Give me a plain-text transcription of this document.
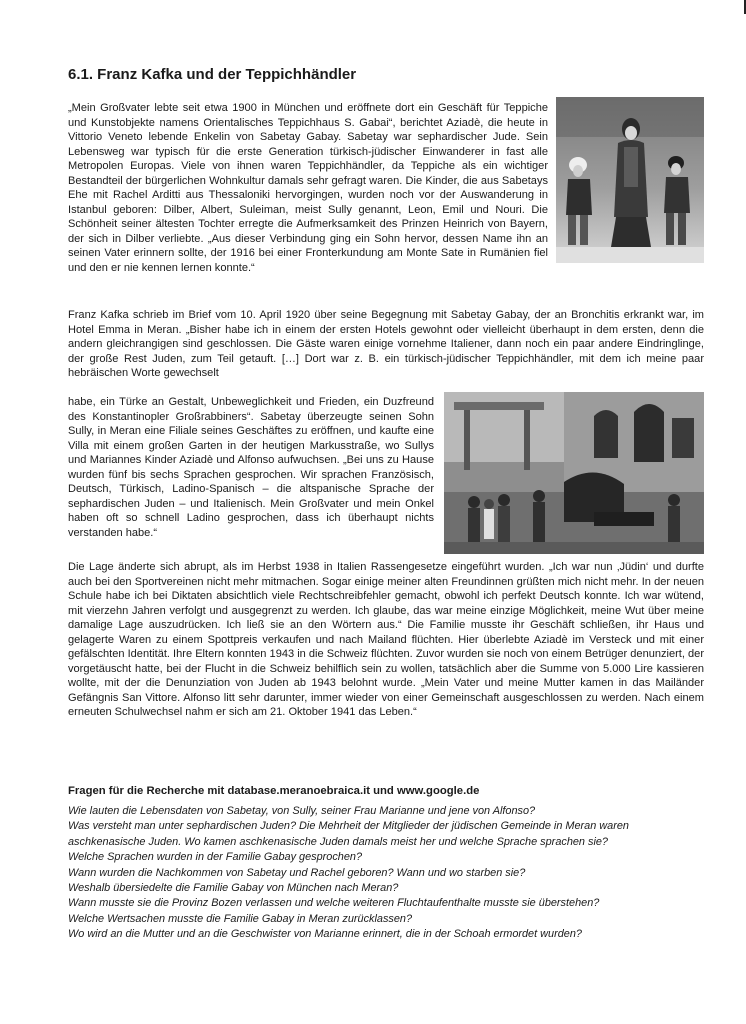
6.1. Franz Kafka und der Teppichhändler

„Mein Großvater lebte seit etwa 1900 in München und eröffnete dort ein Geschäft für Teppiche und Kunstobjekte namens Orientalisches Teppichhaus S. Gabai“, berichtet Aziadè, die heute in Vittorio Veneto lebende Enkelin von Sabetay Gabay. Sabetay war sephardischer Jude. Sein Lebensweg war typisch für die erste Generation türkisch-jüdischer Einwanderer in fast alle Metropolen Europas. Viele von ihnen waren Teppichhändler, da Teppiche als ein wichtiger Bestandteil der bürgerlichen Wohnkultur damals sehr gefragt waren. Die Kinder, die aus Sabetays Ehe mit Rachel Arditti aus Thessaloniki hervorgingen, wurden noch vor der Auswanderung in Istanbul geboren: Dilber, Albert, Suleiman, meist Sully genannt, Leon, Emil und Nouri. Die Schönheit seiner ältesten Tochter erregte die Aufmerksamkeit des Prinzen Heinrich von Bayern, der sich in Dilber verliebte. „Aus dieser Verbindung ging ein Sohn hervor, dessen Name ihn an seinen Vater erinnern sollte, der 1916 bei einer Fronterkundung am Monte Sate in Rumänien fiel und den er nie kennen lernen konnte.“

Franz Kafka schrieb im Brief vom 10. April 1920 über seine Begegnung mit Sabetay Gabay, der an Bronchitis erkrankt war, im Hotel Emma in Meran. „Bisher habe ich in einem der ersten Hotels gewohnt oder vielleicht überhaupt in dem ersten, denn die andern gleichrangigen sind geschlossen. Die Gäste waren einige vornehme Italiener, dann noch ein paar andere Eindringlinge, der große Rest Juden, zum Teil getauft. […] Dort war z. B. ein türkisch-jüdischer Teppichhändler, mit dem ich meine paar hebräischen Worte gewechselt

habe, ein Türke an Gestalt, Unbeweglichkeit und Frieden, ein Duzfreund des Konstantinopler Großrabbiners“. Sabetay überzeugte seinen Sohn Sully, in Meran eine Filiale seines Geschäftes zu eröffnen, und kaufte eine Villa mit einem großen Garten in der heutigen Markusstraße, wo Sullys und Mariannes Kinder Aziadè und Alfonso aufwuchsen. „Bei uns zu Hause wurden fünf bis sechs Sprachen gesprochen. Wir sprachen Französisch, Deutsch, Türkisch, Ladino-Spanisch – die altspanische Sprache der sephardischen Juden – und Italienisch. Mein Großvater und mein Onkel haben oft so schnell Ladino gesprochen, dass ich überhaupt nichts verstanden habe.“

Die Lage änderte sich abrupt, als im Herbst 1938 in Italien Rassengesetze eingeführt wurden. „Ich war nun ‚Jüdin‘ und durfte auch bei den Sportvereinen nicht mehr mitmachen. Sogar einige meiner alten Freundinnen grüßten mich nicht mehr. In der neuen Schule habe ich bei Diktaten absichtlich viele Rechtschreibfehler gemacht, obwohl ich perfekt Deutsch konnte. Ich war wütend, mit vierzehn Jahren verfolgt und ausgegrenzt zu werden. Ich glaube, das war meine einzige Möglichkeit, meine Wut über meine damalige Lage auszudrücken. Ich ließ sie an den Wörtern aus.“ Die Familie musste ihr Geschäft schließen, ihr Haus und gelagerte Waren zu einem Spottpreis verkaufen und nach Mailand flüchten. Hier überlebte Aziadè im Versteck und mit einer gefälschten Identität. Ihre Eltern konnten 1943 in die Schweiz flüchten. Zuvor wurden sie noch von einem Betrüger denunziert, der vorgetäuscht hatte, bei der Flucht in die Schweiz behilflich sein zu wollen, tatsächlich aber die Summe von 5.000 Lire kassieren wollte, mit der die Denunziation von Juden ab 1943 belohnt wurde. „Mein Vater und meine Mutter kamen in das Mailänder Gefängnis San Vittore. Alfonso litt sehr darunter, immer wieder von einer Gemeinschaft ausgeschlossen zu werden. Nach einem erneuten Schulwechsel nahm er sich am 21. Oktober 1941 das Leben.“

Fragen für die Recherche mit database.meranoebraica.it und www.google.de
Wie lauten die Lebensdaten von Sabetay, von Sully, seiner Frau Marianne und jene von Alfonso?
Was versteht man unter sephardischen Juden? Die Mehrheit der Mitglieder der jüdischen Gemeinde in Meran waren
aschkenasische Juden. Wo kamen aschkenasische Juden damals meist her und welche Sprache sprachen sie?
Welche Sprachen wurden in der Familie Gabay gesprochen?
Wann wurden die Nachkommen von Sabetay und Rachel geboren? Wann und wo starben sie?
Weshalb übersiedelte die Familie Gabay von München nach Meran?
Wann musste sie die Provinz Bozen verlassen und welche weiteren Fluchtaufenthalte musste sie überstehen?
Welche Wertsachen musste die Familie Gabay in Meran zurücklassen?
Wo wird an die Mutter und an die Geschwister von Marianne erinnert, die in der Schoah ermordet wurden?
